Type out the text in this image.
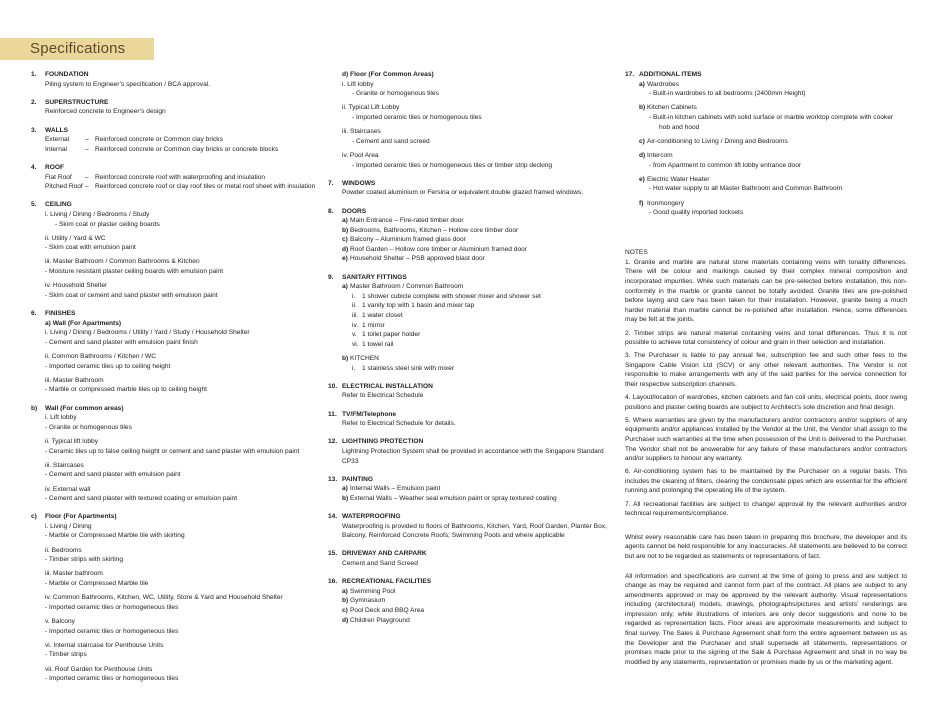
Specifications
1. FOUNDATION
Piling system to Engineer’s specification / BCA approval.
2. SUPERSTRUCTURE
Reinforced concrete to Engineer’s design
3. WALLS
External	– Reinforced concrete or Common clay bricks
Internal	– Reinforced concrete or Common clay bricks or concrete blocks
4. ROOF
Flat Roof	– Reinforced concrete roof with waterproofing and insulation
Pitched Roof – Reinforced concrete roof or clay roof tiles or metal roof sheet with insulation
5. CEILING
i. Living / Dining / Bedrooms / Study
- Skim coat or plaster ceiling boards
ii. Utility / Yard & WC
- Skim coat with emulsion paint
iii. Master Bathroom / Common Bathrooms & Kitchen
- Moisture resistant plaster ceiling boards with emulsion paint
iv. Household Shelter
- Skim coat or cement and sand plaster with emulsion paint
6. FINISHES
a) Wall (For Apartments)
i. Living / Dining / Bedrooms / Utility / Yard / Study / Household Shelter
- Cement and sand plaster with emulsion paint finish
ii. Common Bathrooms / Kitchen / WC
- Imported ceramic tiles up to ceiling height
iii. Master Bathroom
- Marble or compressed marble tiles up to ceiling height
b) Wall (For common areas)
i. Lift lobby
- Granite or homogenous tiles
ii. Typical lift lobby
- Ceramic tiles up to false ceiling height or cement and sand plaster with emulsion paint
iii. Staircases
- Cement and sand plaster with emulsion paint
iv. External wall
- Cement and sand plaster with textured coating or emulsion paint
c) Floor (For Apartments)
i. Living / Dining
- Marble or Compressed Marble tile with skirting
ii. Bedrooms
- Timber strips with skirting
iii. Master bathroom
- Marble or Compressed Marble tile
iv. Common Bathrooms, Kitchen, WC, Utility, Store & Yard and Household Shelter
- Imported ceramic tiles or homogeneous tiles
v. Balcony
- Imported ceramic tiles or homogeneous tiles
vi. Internal staircase for Penthouse Units
- Timber strips
vii. Roof Garden for Penthouse Units
- Imported ceramic tiles or homogeneous tiles
d) Floor (For Common Areas)
i. Lift lobby
- Granite or homogenous tiles
ii. Typical Lift Lobby
- Imported ceramic tiles or homogenous tiles
iii. Staircases
- Cement and sand screed
iv. Pool Area
- Imported ceramic tiles or homogeneous tiles or timber strip decking
7. WINDOWS
Powder coated aluminium or Fersina or equivalent double glazed framed windows.
8. DOORS
a) Main Entrance – Fire-rated timber door
b) Bedrooms, Bathrooms, Kitchen – Hollow core timber door
c) Balcony – Aluminium framed glass door
d) Roof Garden – Hollow core timber or Aluminium framed door
e) Household Shelter – PSB approved blast door
9. SANITARY FITTINGS
a) Master Bathroom / Common Bathroom
i. 1 shower cubicle complete with shower mixer and shower set
ii. 1 vanity top with 1 basin and mixer tap
iii. 1 water closet
iv. 1 mirror
v. 1 toilet paper holder
vi. 1 towel rail
b) KITCHEN
i. 1 stainless steel sink with mixer
10. ELECTRICAL INSTALLATION
Refer to Electrical Schedule
11. TV/FM/Telephone
Refer to Electrical Schedule for details.
12. LIGHTNING PROTECTION
Lightning Protection System shall be provided in accordance with the Singapore Standard CP33
13. PAINTING
a) Internal Walls – Emulsion paint
b) External Walls – Weather seal emulsion paint or spray textured coating
14. WATERPROOFING
Waterproofing is provided to floors of Bathrooms, Kitchen, Yard, Roof Garden, Planter Box, Balcony, Reinforced Concrete Roofs, Swimming Pools and where applicable
15. DRIVEWAY AND CARPARK
Cement and Sand Screed
16. RECREATIONAL FACILITIES
a) Swimming Pool
b) Gymnasium
c) Pool Deck and BBQ Area
d) Children Playground
17. ADDITIONAL ITEMS
a) Wardrobes
- Built-in wardrobes to all bedrooms (2400mm Height)
b) Kitchen Cabinets
- Built-in kitchen cabinets with solid surface or marble worktop complete with cooker
hob and hood
c) Air-conditioning to Living / Dining and Bedrooms
d) Intercom
- from Apartment to common lift lobby entrance door
e) Electric Water Heater
- Hot water supply to all Master Bathroom and Common Bathroom
f) Ironmongery
- Good quality imported locksets
NOTES
1. Granite and marble are natural stone materials containing veins with tonality differences. There will be colour and markings caused by their complex mineral composition and incorporated impurities. While such materials can be pre-selected before installation, this non-conformity in the marble or granite cannot be totally avoided. Granite tiles are pre-polished before laying and care has been taken for their installation. However, granite being a much harder material than marble cannot be re-polished after installation. Hence, some differences may be felt at the joints.
2. Timber strips are natural material containing veins and tonal differences. Thus it is not possible to achieve total consistency of colour and grain in their selection and installation.
3. The Purchaser is liable to pay annual fee, subscription fee and such other fees to the Singapore Cable Vision Ltd (SCV) or any other relevant authorities. The Vendor is not responsible to make arrangements with any of the said parties for the service connection for their respective subscription channels.
4. Layout/location of wardrobes, kitchen cabinets and fan coil units, electrical points, door swing positions and plaster ceiling boards are subject to Architect’s sole discretion and final design.
5. Where warranties are given by the manufacturers and/or contractors and/or suppliers of any equipments and/or appliances installed by the Vendor at the Unit, the Vendor shall assign to the Purchaser such warranties at the time when possession of the Unit is delivered to the Purchaser. The Vendor shall not be answerable for any failure of these manufacturers and/or contractors and/or suppliers to honour any warranty.
6. Air-conditioning system has to be maintained by the Purchaser on a regular basis. This includes the cleaning of filters, clearing the condensate pipes which are essential for the efficient running and prolonging the operating life of the system.
7. All recreational facilities are subject to change/ approval by the relevant authorities and/or technical requirements/compliance.
Whilst every reasonable care has been taken in preparing this brochure, the developer and its agents cannot be held responsible for any inaccuracies. All statements are believed to be correct but are not to be regarded as statements or representations of fact.
All information and specifications are current at the time of going to press and are subject to change as may be required and cannot form part of the contract. All plans are subject to any amendments approved or may be approved by the relevant authority. Visual representations including (architectural) models, drawings, photographs/pictures and artists’ renderings are impression only, while illustrations of interiors are only decor suggestions and none to be regarded as representation facts. Floor areas are approximate measurements and subject to final survey. The Sales & Purchase Agreement shall form the entire agreement between us as the Developer and the Purchaser and shall supersede all statements, representations or promises made prior to the signing of the Sale & Purchase Agreement and shall in no way be modified by any statements, representation or promises made by us or the marketing agent.
